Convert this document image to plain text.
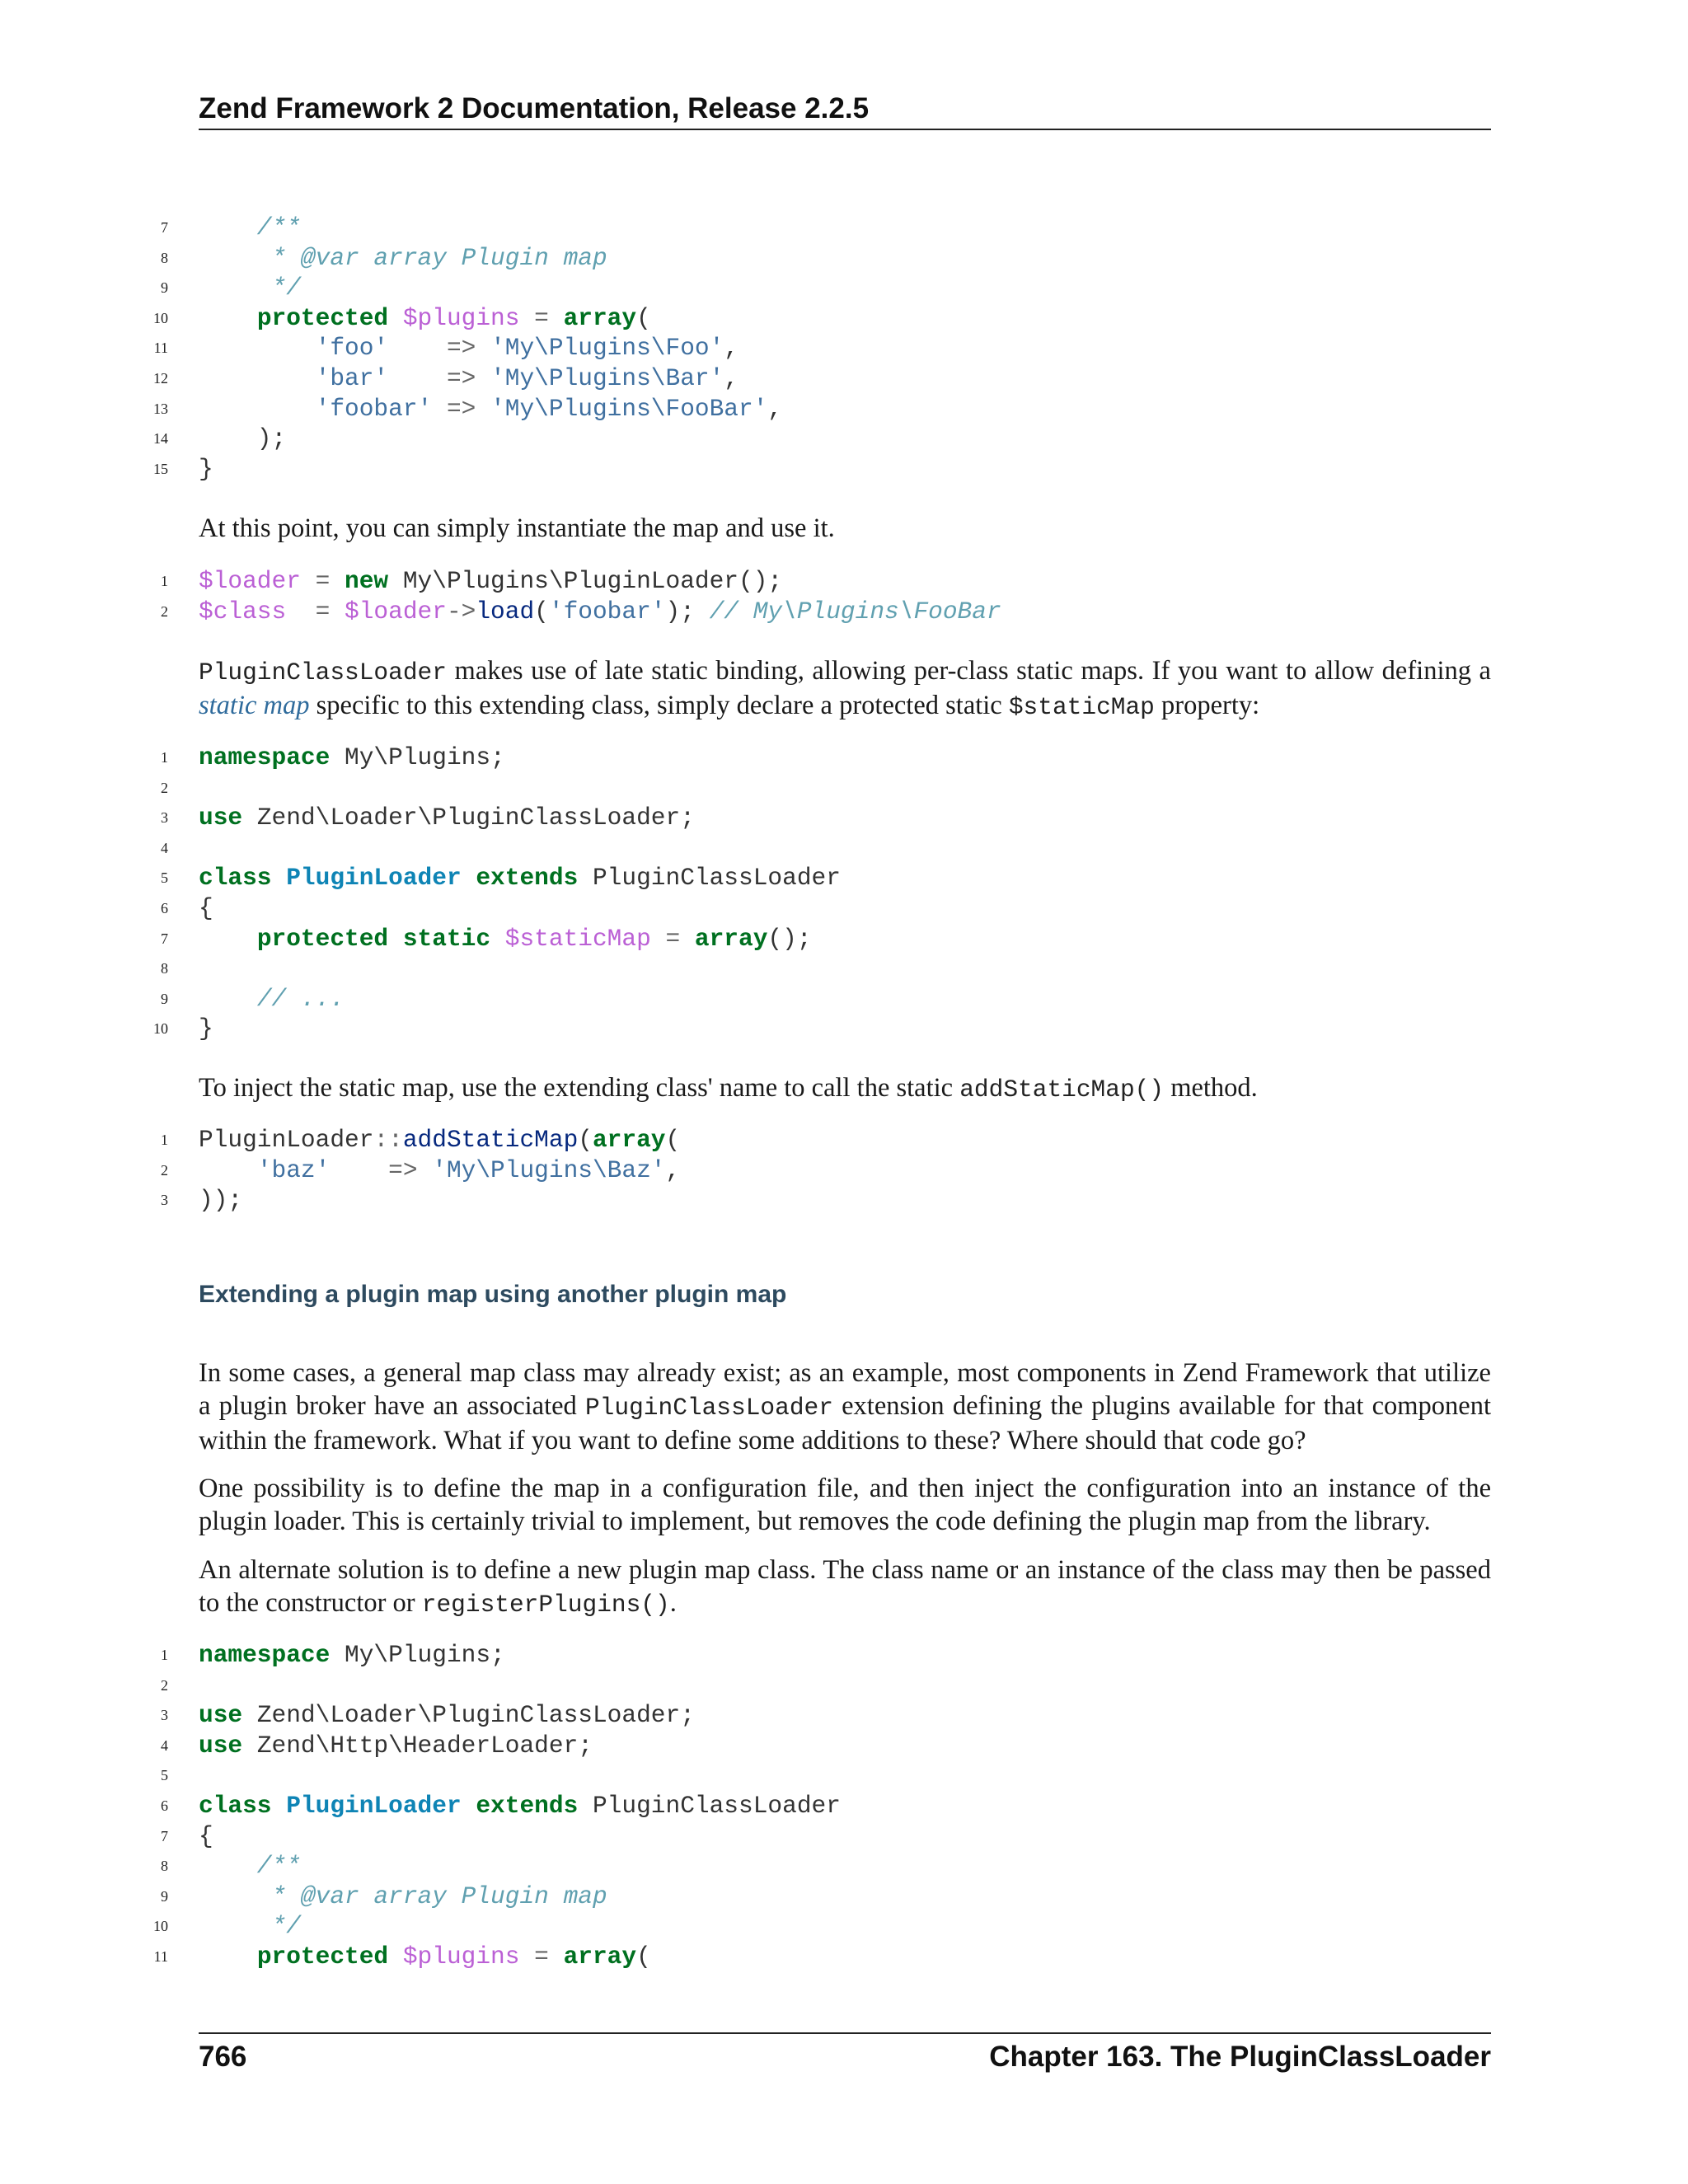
Zend Framework 2 Documentation, Release 2.2.5
7 /**
8 * @var array Plugin map
9 */
10	protected $plugins = array(
11	'foo' => 'My\Plugins\Foo',
12	'bar' => 'My\Plugins\Bar',
13	'foobar' => 'My\Plugins\FooBar',
14 );
15 }
At this point, you can simply instantiate the map and use it.
1 $loader = new My\Plugins\PluginLoader();
2 $class = $loader->load('foobar'); // My\Plugins\FooBar
PluginClassLoader makes use of late static binding, allowing per-class static maps. If you want to allow defining a static map specific to this extending class, simply declare a protected static $staticMap property:
1 namespace My\Plugins;
2
3 use Zend\Loader\PluginClassLoader;
4
5 class PluginLoader extends PluginClassLoader
6 {
7	protected static $staticMap = array();
8
9	// ...
10 }
To inject the static map, use the extending class' name to call the static addStaticMap() method.
1 PluginLoader::addStaticMap(array(
2	'baz' => 'My\Plugins\Baz',
3 ));
Extending a plugin map using another plugin map
In some cases, a general map class may already exist; as an example, most components in Zend Framework that utilize a plugin broker have an associated PluginClassLoader extension defining the plugins available for that component within the framework. What if you want to define some additions to these? Where should that code go?
One possibility is to define the map in a configuration file, and then inject the configuration into an instance of the plugin loader. This is certainly trivial to implement, but removes the code defining the plugin map from the library.
An alternate solution is to define a new plugin map class. The class name or an instance of the class may then be passed to the constructor or registerPlugins().
1 namespace My\Plugins;
2
3 use Zend\Loader\PluginClassLoader;
4 use Zend\Http\HeaderLoader;
5
6 class PluginLoader extends PluginClassLoader
7 {
8 /**
9 * @var array Plugin map
10 */
11	protected $plugins = array(
766	Chapter 163. The PluginClassLoader
